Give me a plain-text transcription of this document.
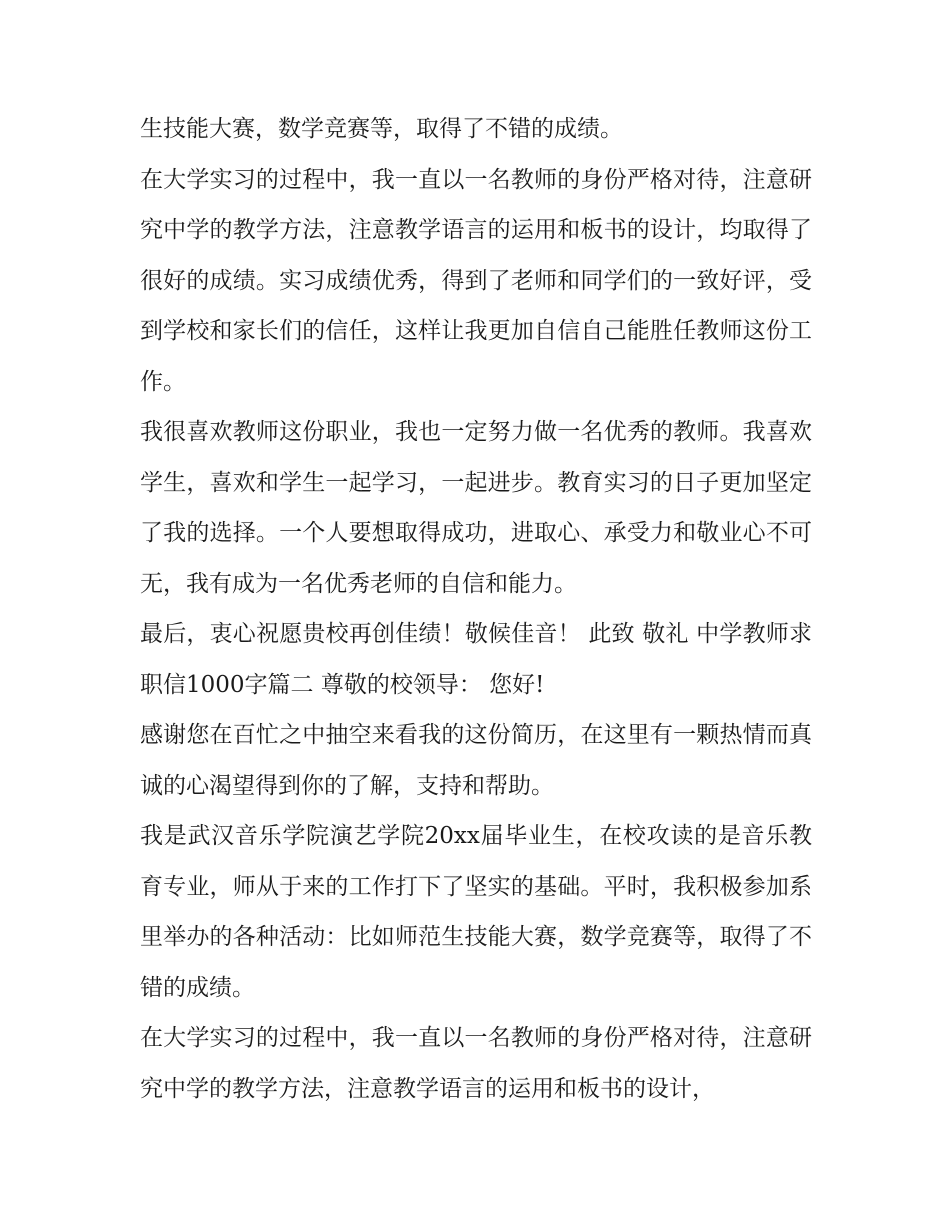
生技能大赛，数学竞赛等，取得了不错的成绩。

在大学实习的过程中，我一直以一名教师的身份严格对待，注意研究中学的教学方法，注意教学语言的运用和板书的设计，均取得了很好的成绩。实习成绩优秀，得到了老师和同学们的一致好评，受到学校和家长们的信任，这样让我更加自信自己能胜任教师这份工作。

我很喜欢教师这份职业，我也一定努力做一名优秀的教师。我喜欢学生，喜欢和学生一起学习，一起进步。教育实习的日子更加坚定了我的选择。一个人要想取得成功，进取心、承受力和敬业心不可无，我有成为一名优秀老师的自信和能力。

最后，衷心祝愿贵校再创佳绩！敬候佳音！ 此致 敬礼 中学教师求职信1000字篇二 尊敬的校领导： 您好!

感谢您在百忙之中抽空来看我的这份简历，在这里有一颗热情而真诚的心渴望得到你的了解，支持和帮助。

我是武汉音乐学院演艺学院20xx届毕业生，在校攻读的是音乐教育专业，师从于来的工作打下了坚实的基础。平时，我积极参加系里举办的各种活动：比如师范生技能大赛，数学竞赛等，取得了不错的成绩。

在大学实习的过程中，我一直以一名教师的身份严格对待，注意研究中学的教学方法，注意教学语言的运用和板书的设计，
